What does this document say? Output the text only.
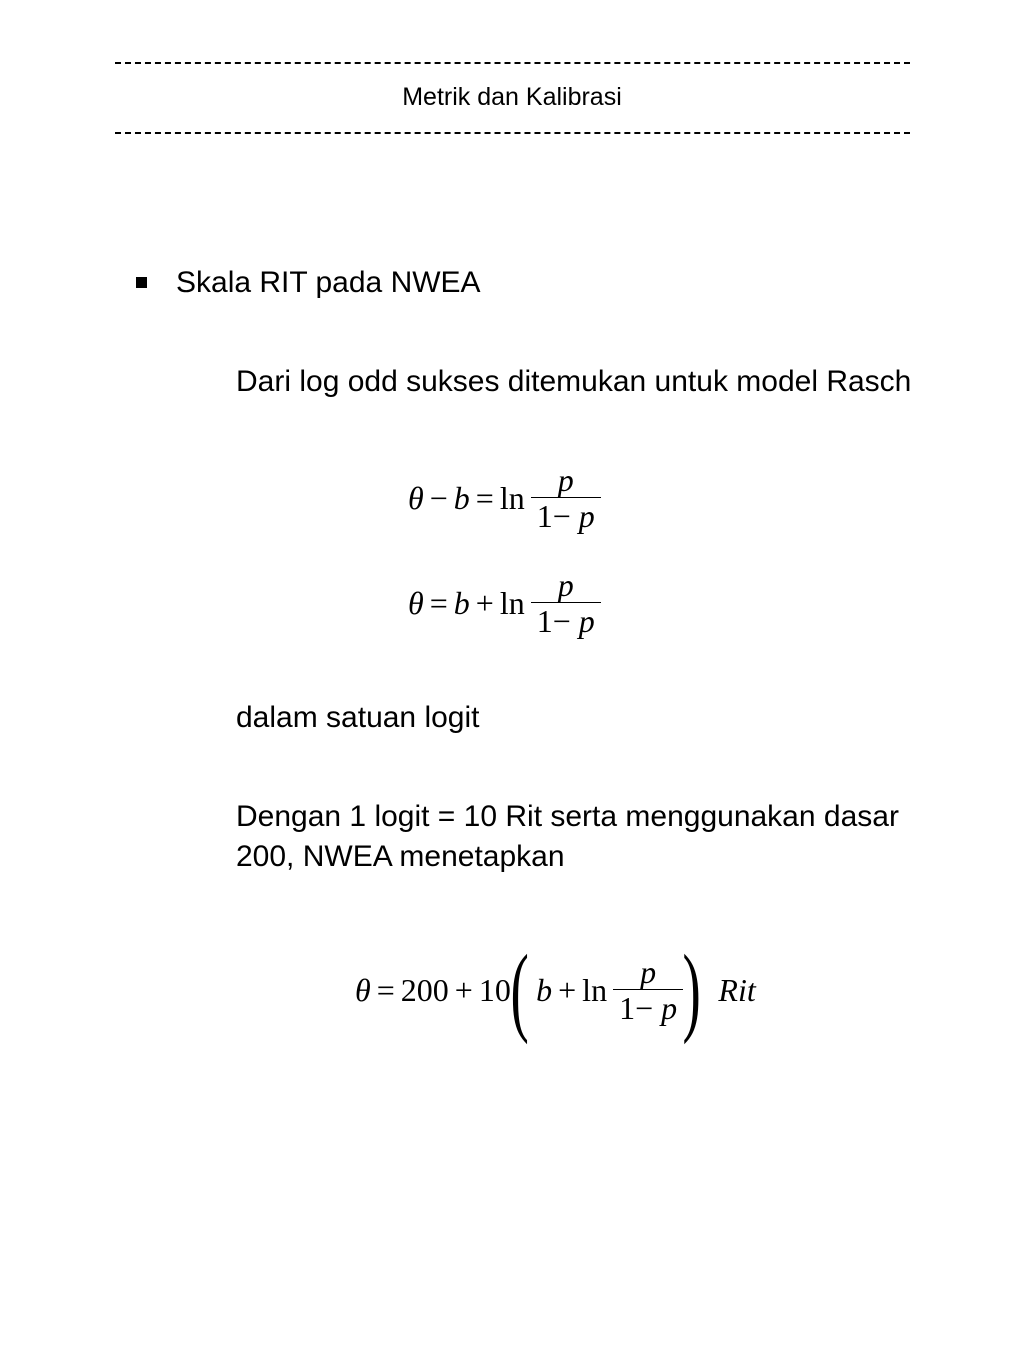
Metrik dan Kalibrasi
Skala RIT pada NWEA
Dari log odd sukses ditemukan untuk model Rasch
$\theta - b = \ln \frac{p}{1- p}$
$\theta = b + \ln \frac{p}{1- p}$
dalam satuan logit
Dengan 1 logit = 10 Rit serta menggunakan dasar 200, NWEA menetapkan
θ = 200 + 10 ( $b + \ln \frac{p}{1- p}$ ) Rit
